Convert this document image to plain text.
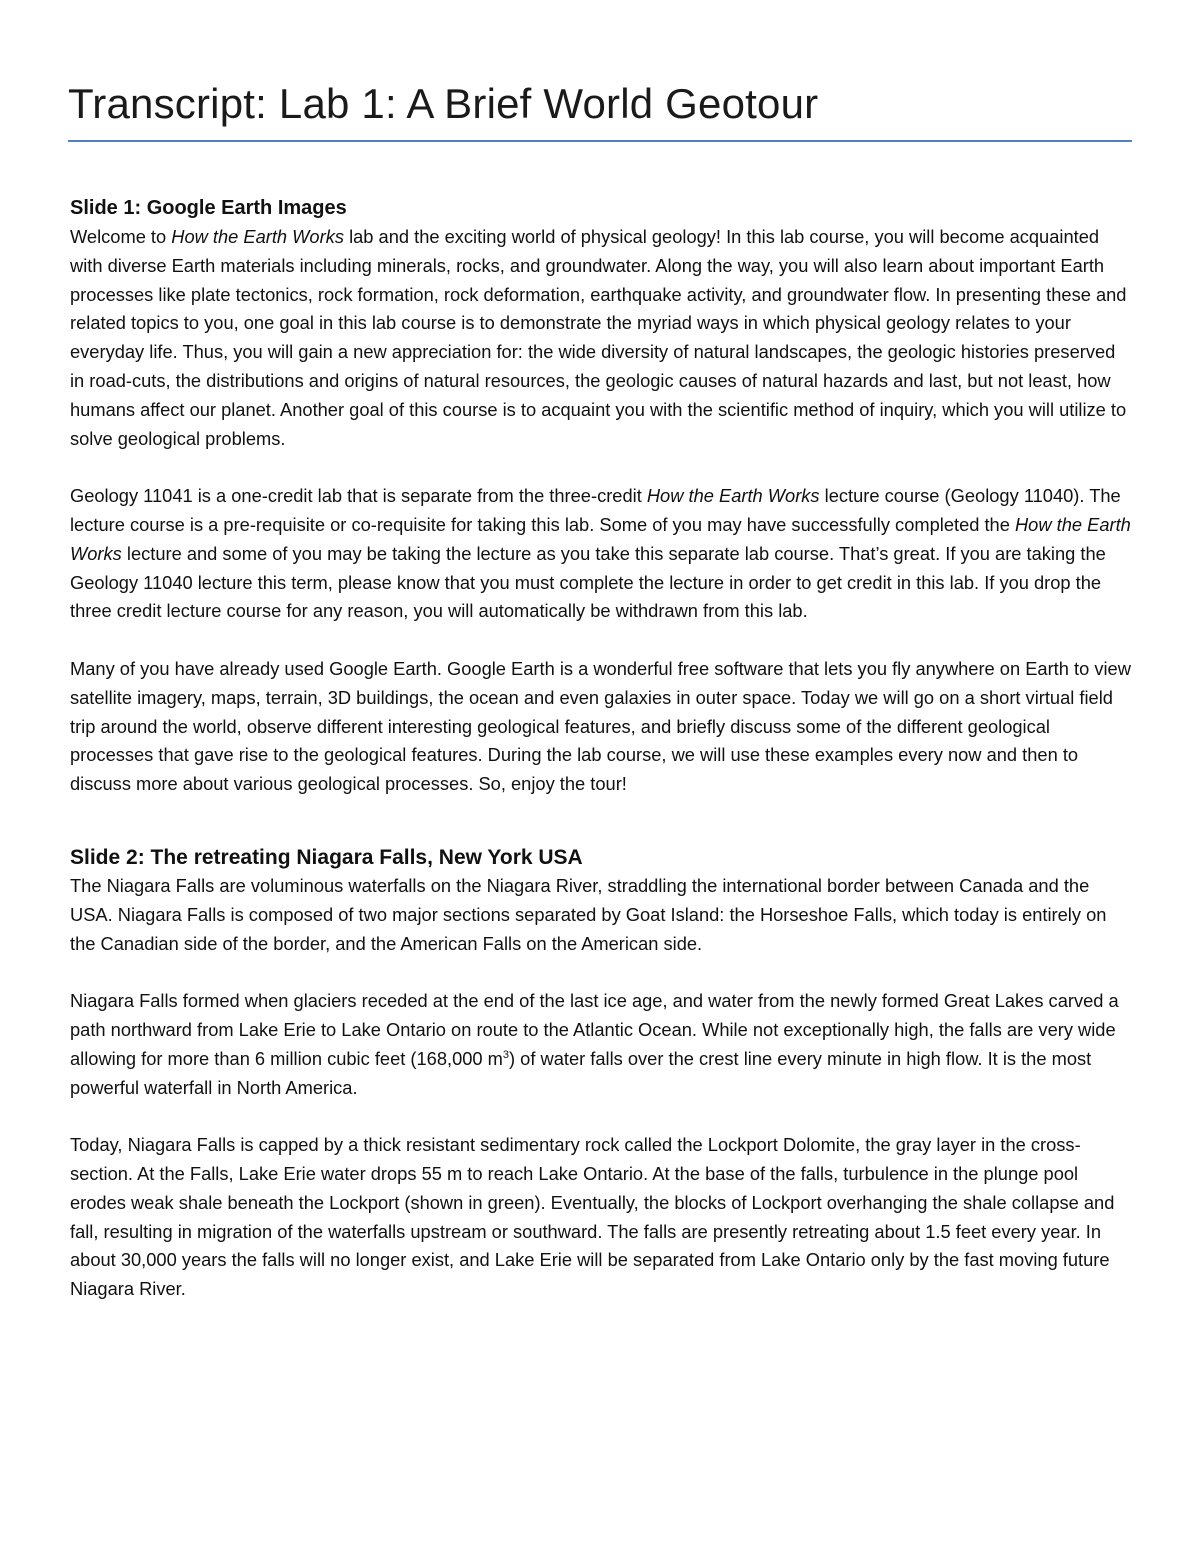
Transcript: Lab 1: A Brief World Geotour
Slide 1: Google Earth Images

Welcome to How the Earth Works lab and the exciting world of physical geology! In this lab course, you will become acquainted with diverse Earth materials including minerals, rocks, and groundwater. Along the way, you will also learn about important Earth processes like plate tectonics, rock formation, rock deformation, earthquake activity, and groundwater flow. In presenting these and related topics to you, one goal in this lab course is to demonstrate the myriad ways in which physical geology relates to your everyday life. Thus, you will gain a new appreciation for: the wide diversity of natural landscapes, the geologic histories preserved in road-cuts, the distributions and origins of natural resources, the geologic causes of natural hazards and last, but not least, how humans affect our planet. Another goal of this course is to acquaint you with the scientific method of inquiry, which you will utilize to solve geological problems.

Geology 11041 is a one-credit lab that is separate from the three-credit How the Earth Works lecture course (Geology 11040). The lecture course is a pre-requisite or co-requisite for taking this lab. Some of you may have successfully completed the How the Earth Works lecture and some of you may be taking the lecture as you take this separate lab course. That’s great. If you are taking the Geology 11040 lecture this term, please know that you must complete the lecture in order to get credit in this lab. If you drop the three credit lecture course for any reason, you will automatically be withdrawn from this lab.

Many of you have already used Google Earth. Google Earth is a wonderful free software that lets you fly anywhere on Earth to view satellite imagery, maps, terrain, 3D buildings, the ocean and even galaxies in outer space. Today we will go on a short virtual field trip around the world, observe different interesting geological features, and briefly discuss some of the different geological processes that gave rise to the geological features. During the lab course, we will use these examples every now and then to discuss more about various geological processes. So, enjoy the tour!

Slide 2: The retreating Niagara Falls, New York USA

The Niagara Falls are voluminous waterfalls on the Niagara River, straddling the international border between Canada and the USA. Niagara Falls is composed of two major sections separated by Goat Island: the Horseshoe Falls, which today is entirely on the Canadian side of the border, and the American Falls on the American side.

Niagara Falls formed when glaciers receded at the end of the last ice age, and water from the newly formed Great Lakes carved a path northward from Lake Erie to Lake Ontario on route to the Atlantic Ocean. While not exceptionally high, the falls are very wide allowing for more than 6 million cubic feet (168,000 $m^3$) of water falls over the crest line every minute in high flow. It is the most powerful waterfall in North America.

Today, Niagara Falls is capped by a thick resistant sedimentary rock called the Lockport Dolomite, the gray layer in the cross-section. At the Falls, Lake Erie water drops 55 m to reach Lake Ontario. At the base of the falls, turbulence in the plunge pool erodes weak shale beneath the Lockport (shown in green). Eventually, the blocks of Lockport overhanging the shale collapse and fall, resulting in migration of the waterfalls upstream or southward. The falls are presently retreating about 1.5 feet every year. In about 30,000 years the falls will no longer exist, and Lake Erie will be separated from Lake Ontario only by the fast moving future Niagara River.
